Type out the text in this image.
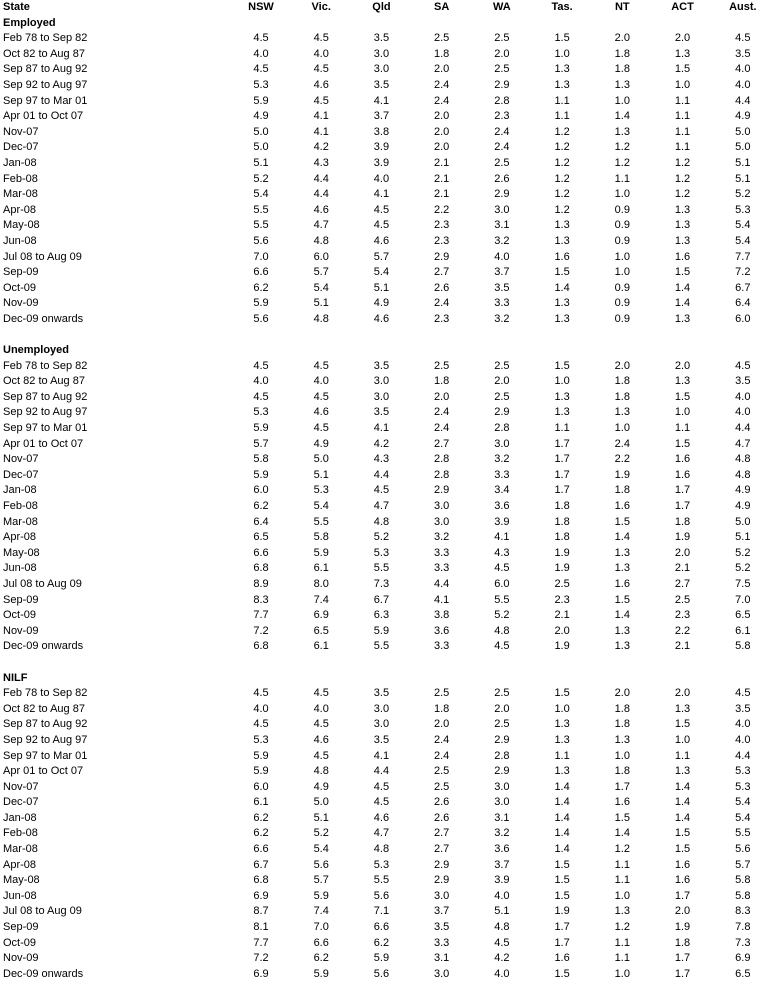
State	NSW	Vic.	Qld	SA	WA	Tas.	NT	ACT	Aust.
Employed									
Feb 78 to Sep 82	4.5	4.5	3.5	2.5	2.5	1.5	2.0	2.0	4.5
Oct 82 to Aug 87	4.0	4.0	3.0	1.8	2.0	1.0	1.8	1.3	3.5
Sep 87 to Aug 92	4.5	4.5	3.0	2.0	2.5	1.3	1.8	1.5	4.0
Sep 92 to Aug 97	5.3	4.6	3.5	2.4	2.9	1.3	1.3	1.0	4.0
Sep 97 to Mar 01	5.9	4.5	4.1	2.4	2.8	1.1	1.0	1.1	4.4
Apr 01 to Oct 07	4.9	4.1	3.7	2.0	2.3	1.1	1.4	1.1	4.9
Nov-07	5.0	4.1	3.8	2.0	2.4	1.2	1.3	1.1	5.0
Dec-07	5.0	4.2	3.9	2.0	2.4	1.2	1.2	1.1	5.0
Jan-08	5.1	4.3	3.9	2.1	2.5	1.2	1.2	1.2	5.1
Feb-08	5.2	4.4	4.0	2.1	2.6	1.2	1.1	1.2	5.1
Mar-08	5.4	4.4	4.1	2.1	2.9	1.2	1.0	1.2	5.2
Apr-08	5.5	4.6	4.5	2.2	3.0	1.2	0.9	1.3	5.3
May-08	5.5	4.7	4.5	2.3	3.1	1.3	0.9	1.3	5.4
Jun-08	5.6	4.8	4.6	2.3	3.2	1.3	0.9	1.3	5.4
Jul 08 to Aug 09	7.0	6.0	5.7	2.9	4.0	1.6	1.0	1.6	7.7
Sep-09	6.6	5.7	5.4	2.7	3.7	1.5	1.0	1.5	7.2
Oct-09	6.2	5.4	5.1	2.6	3.5	1.4	0.9	1.4	6.7
Nov-09	5.9	5.1	4.9	2.4	3.3	1.3	0.9	1.4	6.4
Dec-09 onwards	5.6	4.8	4.6	2.3	3.2	1.3	0.9	1.3	6.0

Unemployed									
Feb 78 to Sep 82	4.5	4.5	3.5	2.5	2.5	1.5	2.0	2.0	4.5
Oct 82 to Aug 87	4.0	4.0	3.0	1.8	2.0	1.0	1.8	1.3	3.5
Sep 87 to Aug 92	4.5	4.5	3.0	2.0	2.5	1.3	1.8	1.5	4.0
Sep 92 to Aug 97	5.3	4.6	3.5	2.4	2.9	1.3	1.3	1.0	4.0
Sep 97 to Mar 01	5.9	4.5	4.1	2.4	2.8	1.1	1.0	1.1	4.4
Apr 01 to Oct 07	5.7	4.9	4.2	2.7	3.0	1.7	2.4	1.5	4.7
Nov-07	5.8	5.0	4.3	2.8	3.2	1.7	2.2	1.6	4.8
Dec-07	5.9	5.1	4.4	2.8	3.3	1.7	1.9	1.6	4.8
Jan-08	6.0	5.3	4.5	2.9	3.4	1.7	1.8	1.7	4.9
Feb-08	6.2	5.4	4.7	3.0	3.6	1.8	1.6	1.7	4.9
Mar-08	6.4	5.5	4.8	3.0	3.9	1.8	1.5	1.8	5.0
Apr-08	6.5	5.8	5.2	3.2	4.1	1.8	1.4	1.9	5.1
May-08	6.6	5.9	5.3	3.3	4.3	1.9	1.3	2.0	5.2
Jun-08	6.8	6.1	5.5	3.3	4.5	1.9	1.3	2.1	5.2
Jul 08 to Aug 09	8.9	8.0	7.3	4.4	6.0	2.5	1.6	2.7	7.5
Sep-09	8.3	7.4	6.7	4.1	5.5	2.3	1.5	2.5	7.0
Oct-09	7.7	6.9	6.3	3.8	5.2	2.1	1.4	2.3	6.5
Nov-09	7.2	6.5	5.9	3.6	4.8	2.0	1.3	2.2	6.1
Dec-09 onwards	6.8	6.1	5.5	3.3	4.5	1.9	1.3	2.1	5.8

NILF									
Feb 78 to Sep 82	4.5	4.5	3.5	2.5	2.5	1.5	2.0	2.0	4.5
Oct 82 to Aug 87	4.0	4.0	3.0	1.8	2.0	1.0	1.8	1.3	3.5
Sep 87 to Aug 92	4.5	4.5	3.0	2.0	2.5	1.3	1.8	1.5	4.0
Sep 92 to Aug 97	5.3	4.6	3.5	2.4	2.9	1.3	1.3	1.0	4.0
Sep 97 to Mar 01	5.9	4.5	4.1	2.4	2.8	1.1	1.0	1.1	4.4
Apr 01 to Oct 07	5.9	4.8	4.4	2.5	2.9	1.3	1.8	1.3	5.3
Nov-07	6.0	4.9	4.5	2.5	3.0	1.4	1.7	1.4	5.3
Dec-07	6.1	5.0	4.5	2.6	3.0	1.4	1.6	1.4	5.4
Jan-08	6.2	5.1	4.6	2.6	3.1	1.4	1.5	1.4	5.4
Feb-08	6.2	5.2	4.7	2.7	3.2	1.4	1.4	1.5	5.5
Mar-08	6.6	5.4	4.8	2.7	3.6	1.4	1.2	1.5	5.6
Apr-08	6.7	5.6	5.3	2.9	3.7	1.5	1.1	1.6	5.7
May-08	6.8	5.7	5.5	2.9	3.9	1.5	1.1	1.6	5.8
Jun-08	6.9	5.9	5.6	3.0	4.0	1.5	1.0	1.7	5.8
Jul 08 to Aug 09	8.7	7.4	7.1	3.7	5.1	1.9	1.3	2.0	8.3
Sep-09	8.1	7.0	6.6	3.5	4.8	1.7	1.2	1.9	7.8
Oct-09	7.7	6.6	6.2	3.3	4.5	1.7	1.1	1.8	7.3
Nov-09	7.2	6.2	5.9	3.1	4.2	1.6	1.1	1.7	6.9
Dec-09 onwards	6.9	5.9	5.6	3.0	4.0	1.5	1.0	1.7	6.5
